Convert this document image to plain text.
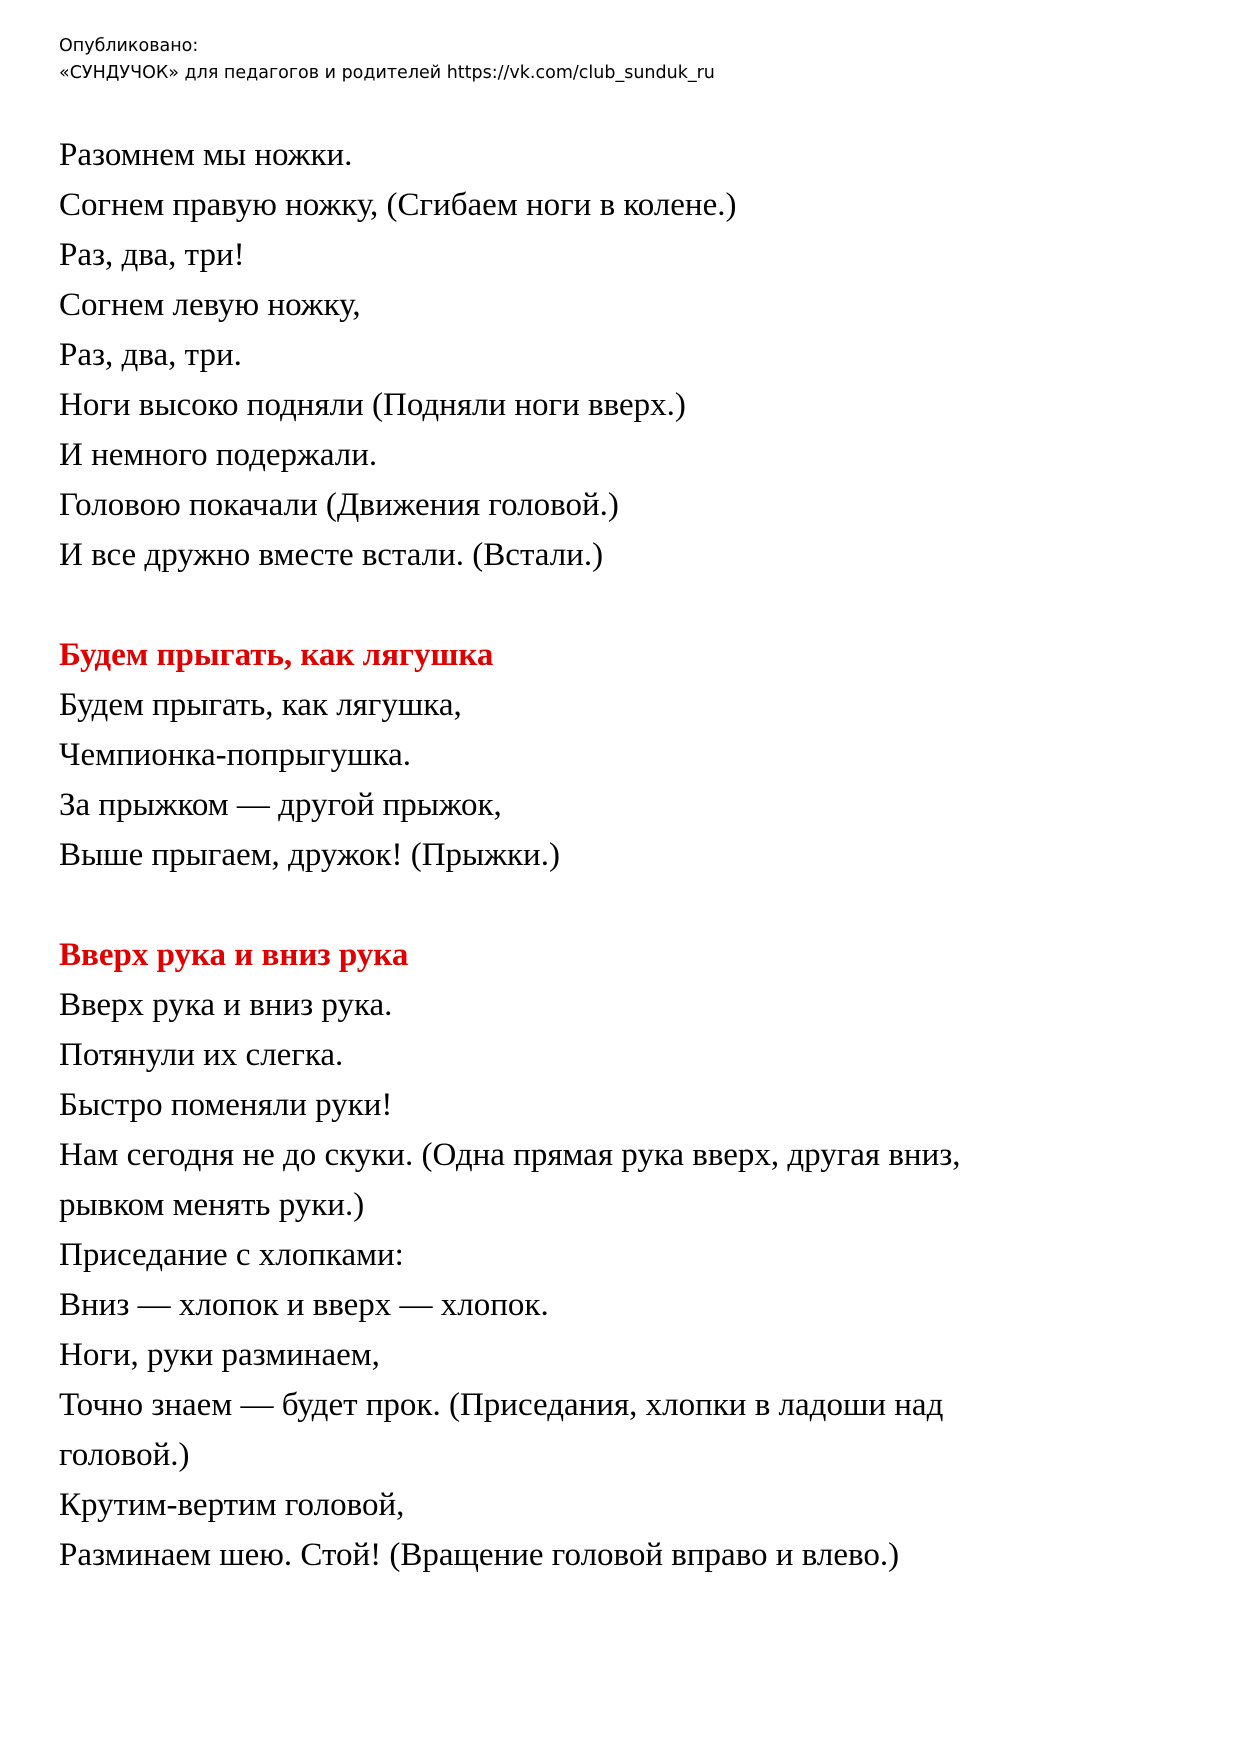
Опубликовано:
«СУНДУЧОК» для педагогов и родителей https://vk.com/club_sunduk_ru
Разомнем мы ножки.
Согнем правую ножку, (Сгибаем ноги в колене.)
Раз, два, три!
Согнем левую ножку,
Раз, два, три.
Ноги высоко подняли (Подняли ноги вверх.)
И немного подержали.
Головою покачали (Движения головой.)
И все дружно вместе встали. (Встали.)
Будем прыгать, как лягушка
Будем прыгать, как лягушка,
Чемпионка-попрыгушка.
За прыжком — другой прыжок,
Выше прыгаем, дружок! (Прыжки.)
Вверх рука и вниз рука
Вверх рука и вниз рука.
Потянули их слегка.
Быстро поменяли руки!
Нам сегодня не до скуки. (Одна прямая рука вверх, другая вниз,
рывком менять руки.)
Приседание с хлопками:
Вниз — хлопок и вверх — хлопок.
Ноги, руки разминаем,
Точно знаем — будет прок. (Приседания, хлопки в ладоши над
головой.)
Крутим-вертим головой,
Разминаем шею. Стой! (Вращение головой вправо и влево.)
